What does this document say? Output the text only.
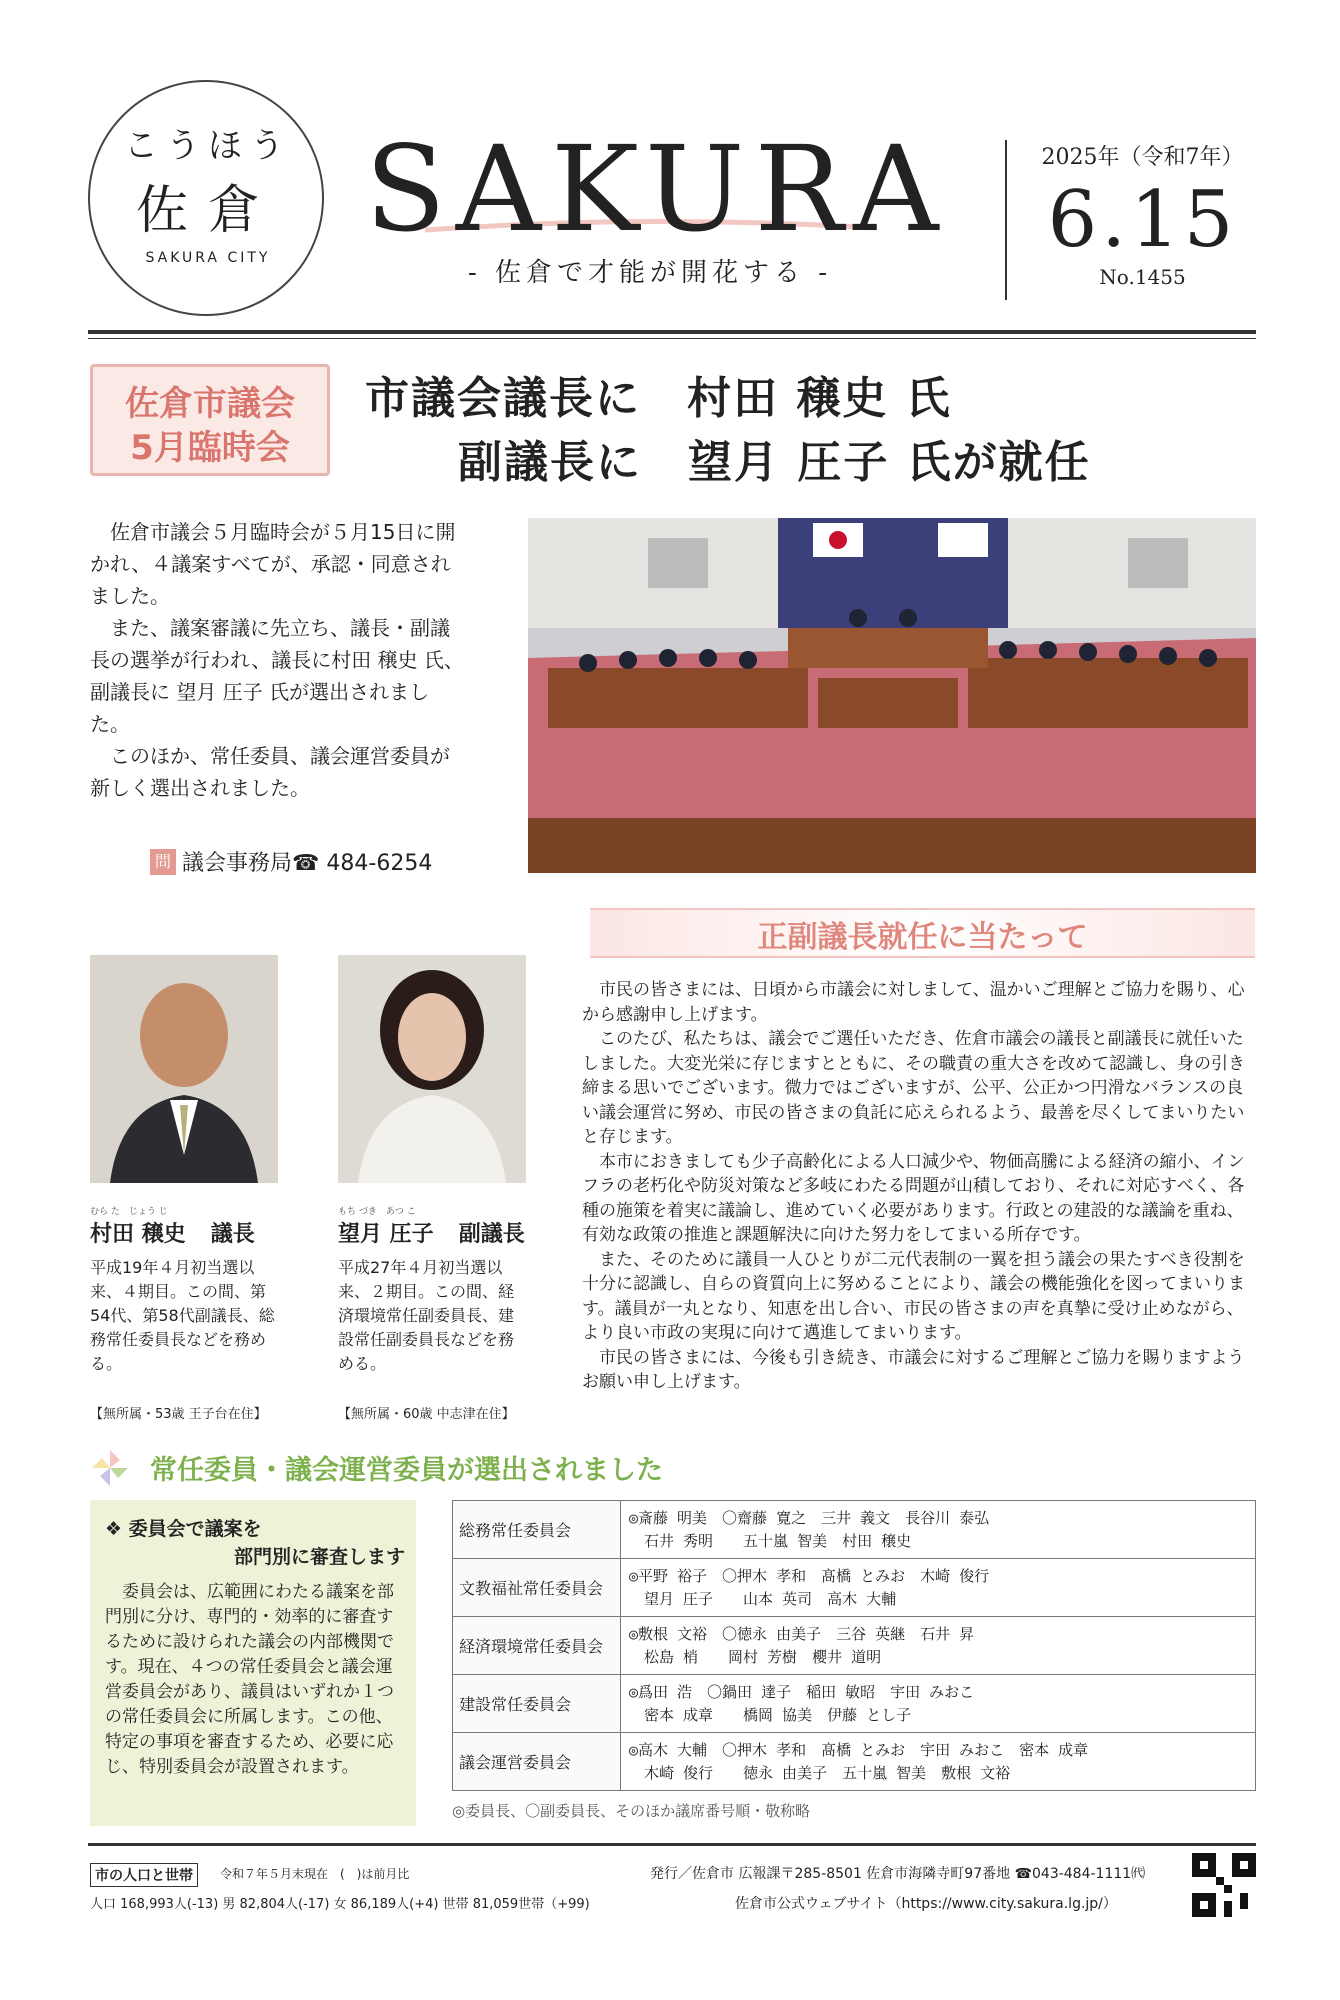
こうほう
佐倉
SAKURA CITY SAKURA
- 佐倉で才能が開花する -
2025年（令和7年）
6.15
No.1455
佐倉市議会
5月臨時会
市議会議長に　村田 穣史 氏
副議長に　望月 圧子 氏が就任

佐倉市議会５月臨時会が５月15日に開かれ、４議案すべてが、承認・同意されました。

また、議案審議に先立ち、議長・副議長の選挙が行われ、議長に村田 穣史 氏、副議長に 望月 圧子 氏が選出されました。

このほか、常任委員、議会運営委員が新しく選出されました。

問 議会事務局☎ 484-6254
むら た　じょう じ
村田 穣史 議長
もち づき　あつ こ
望月 圧子 副議長
平成19年４月初当選以来、４期目。この間、第54代、第58代副議長、総務常任委員長などを務める。
平成27年４月初当選以来、２期目。この間、経済環境常任副委員長、建設常任副委員長などを務める。
【無所属・53歳 王子台在住】	【無所属・60歳 中志津在住】
正副議長就任に当たって

市民の皆さまには、日頃から市議会に対しまして、温かいご理解とご協力を賜り、心から感謝申し上げます。

このたび、私たちは、議会でご選任いただき、佐倉市議会の議長と副議長に就任いたしました。大変光栄に存じますとともに、その職責の重大さを改めて認識し、身の引き締まる思いでございます。微力ではございますが、公平、公正かつ円滑なバランスの良い議会運営に努め、市民の皆さまの負託に応えられるよう、最善を尽くしてまいりたいと存じます。

本市におきましても少子高齢化による人口減少や、物価高騰による経済の縮小、インフラの老朽化や防災対策など多岐にわたる問題が山積しており、それに対応すべく、各種の施策を着実に議論し、進めていく必要があります。行政との建設的な議論を重ね、有効な政策の推進と課題解決に向けた努力をしてまいる所存です。

また、そのために議員一人ひとりが二元代表制の一翼を担う議会の果たすべき役割を十分に認識し、自らの資質向上に努めることにより、議会の機能強化を図ってまいります。議員が一丸となり、知恵を出し合い、市民の皆さまの声を真摯に受け止めながら、より良い市政の実現に向けて邁進してまいります。

市民の皆さまには、今後も引き続き、市議会に対するご理解とご協力を賜りますようお願い申し上げます。

常任委員・議会運営委員が選出されました
❖ 委員会で議案を
部門別に審査します
委員会は、広範囲にわたる議案を部門別に分け、専門的・効率的に審査するために設けられた議会の内部機関です。現在、４つの常任委員会と議会運営委員会があり、議員はいずれか１つの常任委員会に所属します。この他、特定の事項を審査するため、必要に応じ、特別委員会が設置されます。
総務常任委員会	◎斎藤 明美　〇齋藤 寛之　三井 義文　長谷川 泰弘
　石井 秀明　　五十嵐 智美　村田 穣史
文教福祉常任委員会	◎平野 裕子　〇押木 孝和　髙橋 とみお　木崎 俊行
　望月 圧子　　山本 英司　高木 大輔
経済環境常任委員会	◎敷根 文裕　〇徳永 由美子　三谷 英継　石井 昇
　松島 梢　　岡村 芳樹　櫻井 道明
建設常任委員会	◎爲田 浩　〇鍋田 達子　稲田 敏昭　宇田 みおこ
　密本 成章　　橋岡 協美　伊藤 とし子
議会運営委員会	◎高木 大輔　〇押木 孝和　髙橋 とみお　宇田 みおこ　密本 成章
　木崎 俊行　　徳永 由美子　五十嵐 智美　敷根 文裕
◎委員長、〇副委員長、そのほか議席番号順・敬称略
市の人口と世帯	令和７年５月末現在　(　)は前月比
人口 168,993人(-13) 男 82,804人(-17) 女 86,189人(+4) 世帯 81,059世帯（+99)
発行／佐倉市 広報課〒285-8501 佐倉市海隣寺町97番地 ☎043-484-1111㈹
佐倉市公式ウェブサイト（https://www.city.sakura.lg.jp/）
